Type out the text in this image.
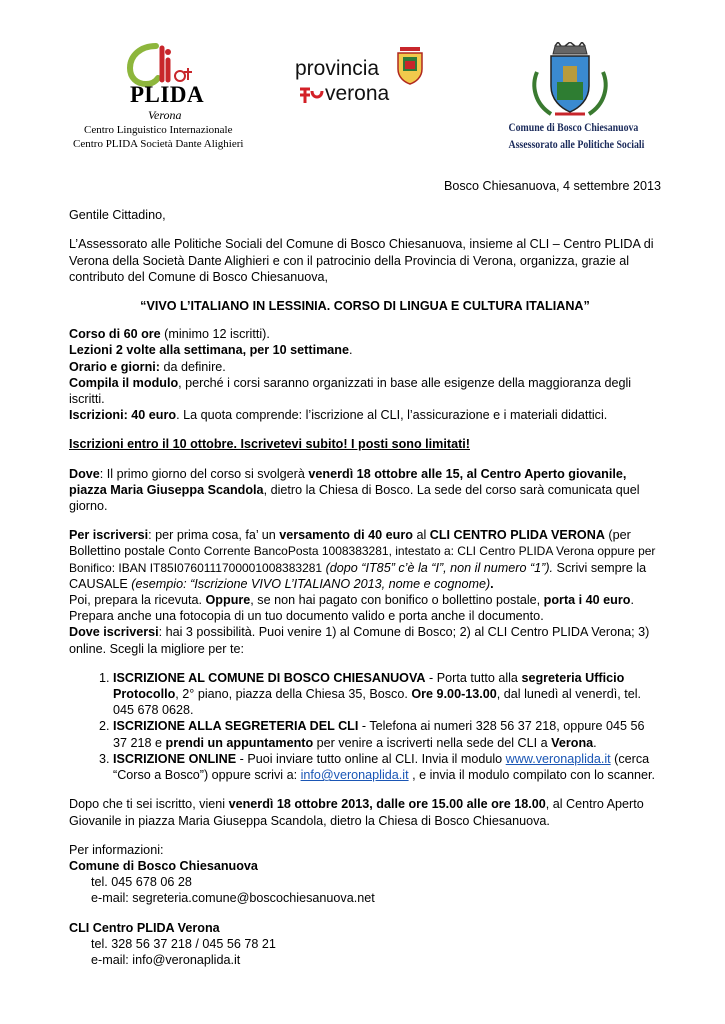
PLIDA
Verona
Centro Linguistico Internazionale
Centro PLIDA Società Dante Alighieri
provincia
verona
Comune di Bosco Chiesanuova
Assessorato alle Politiche Sociali

Bosco Chiesanuova, 4 settembre 2013

Gentile Cittadino,

L’Assessorato alle Politiche Sociali del Comune di Bosco Chiesanuova, insieme al CLI – Centro PLIDA di Verona della Società Dante Alighieri e con il patrocinio della Provincia di Verona, organizza, grazie al contributo del Comune di Bosco Chiesanuova,

“VIVO L’ITALIANO IN LESSINIA. CORSO DI LINGUA E CULTURA ITALIANA”

Corso di 60 ore (minimo 12 iscritti).
Lezioni 2 volte alla settimana, per 10 settimane.
Orario e giorni: da definire.
Compila il modulo, perché i corsi saranno organizzati in base alle esigenze della maggioranza degli iscritti.
Iscrizioni: 40 euro. La quota comprende: l’iscrizione al CLI, l’assicurazione e i materiali didattici.

Iscrizioni entro il 10 ottobre. Iscrivetevi subito! I posti sono limitati!

Dove: Il primo giorno del corso si svolgerà venerdì 18 ottobre alle 15, al Centro Aperto giovanile, piazza Maria Giuseppa Scandola, dietro la Chiesa di Bosco. La sede del corso sarà comunicata quel giorno.

Per iscriversi: per prima cosa, fa’ un versamento di 40 euro al CLI CENTRO PLIDA VERONA (per Bollettino postale Conto Corrente BancoPosta 1008383281, intestato a: CLI Centro PLIDA Verona oppure per Bonifico: IBAN IT85I0760111700001008383281 (dopo “IT85” c’è la “I”, non il numero “1”). Scrivi sempre la CAUSALE (esempio: “Iscrizione VIVO L’ITALIANO 2013, nome e cognome).
Poi, prepara la ricevuta. Oppure, se non hai pagato con bonifico o bollettino postale, porta i 40 euro.
Prepara anche una fotocopia di un tuo documento valido e porta anche il documento.
Dove iscriversi: hai 3 possibilità. Puoi venire 1) al Comune di Bosco; 2) al CLI Centro PLIDA Verona; 3) online. Scegli la migliore per te:

1. ISCRIZIONE AL COMUNE DI BOSCO CHIESANUOVA - Porta tutto alla segreteria Ufficio Protocollo, 2° piano, piazza della Chiesa 35, Bosco. Ore 9.00-13.00, dal lunedì al venerdì, tel. 045 678 0628.
2. ISCRIZIONE ALLA SEGRETERIA DEL CLI - Telefona ai numeri 328 56 37 218, oppure 045 56 37 218 e prendi un appuntamento per venire a iscriverti nella sede del CLI a Verona.
3. ISCRIZIONE ONLINE - Puoi inviare tutto online al CLI. Invia il modulo www.veronaplida.it (cerca “Corso a Bosco”) oppure scrivi a: info@veronaplida.it , e invia il modulo compilato con lo scanner.

Dopo che ti sei iscritto, vieni venerdì 18 ottobre 2013, dalle ore 15.00 alle ore 18.00, al Centro Aperto Giovanile in piazza Maria Giuseppa Scandola, dietro la Chiesa di Bosco Chiesanuova.

Per informazioni:
Comune di Bosco Chiesanuova
tel. 045 678 06 28
e-mail: segreteria.comune@boscochiesanuova.net
CLI Centro PLIDA Verona
tel. 328 56 37 218 / 045 56 78 21
e-mail: info@veronaplida.it
